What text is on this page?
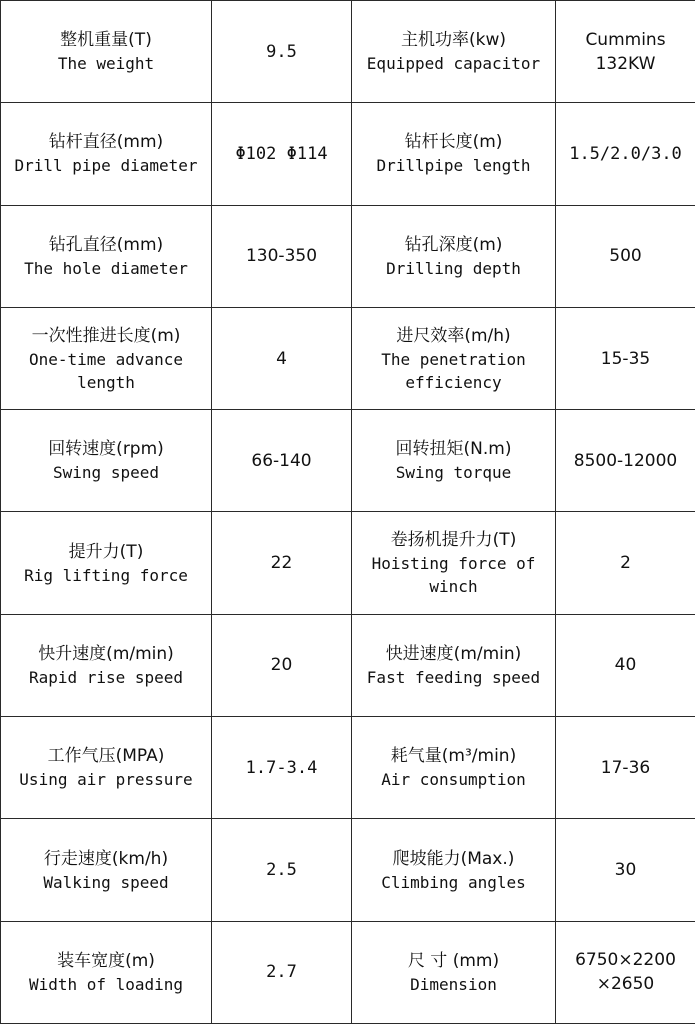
整机重量(T)
The weight	9.5	主机功率(kw)
Equipped capacitor	Cummins
132KW

钻杆直径(mm)
Drill pipe diameter	Φ102 Φ114	钻杆长度(m)
Drillpipe length	1.5/2.0/3.0

钻孔直径(mm)
The hole diameter	130-350	钻孔深度(m)
Drilling depth	500

一次性推进长度(m)
One-time advance
length	4	进尺效率(m/h)
The penetration
efficiency	15-35

回转速度(rpm)
Swing speed	66-140	回转扭矩(N.m)
Swing torque	8500-12000

提升力(T)
Rig lifting force	22	卷扬机提升力(T)
Hoisting force of
winch	2

快升速度(m/min)
Rapid rise speed	20	快进速度(m/min)
Fast feeding speed	40

工作气压(MPA)
Using air pressure	1.7-3.4	耗气量(m³/min)
Air consumption	17-36

行走速度(km/h)
Walking speed	2.5	爬坡能力(Max.)
Climbing angles	30

装车宽度(m)
Width of loading	2.7	尺 寸 (mm)
Dimension	6750×2200
×2650
